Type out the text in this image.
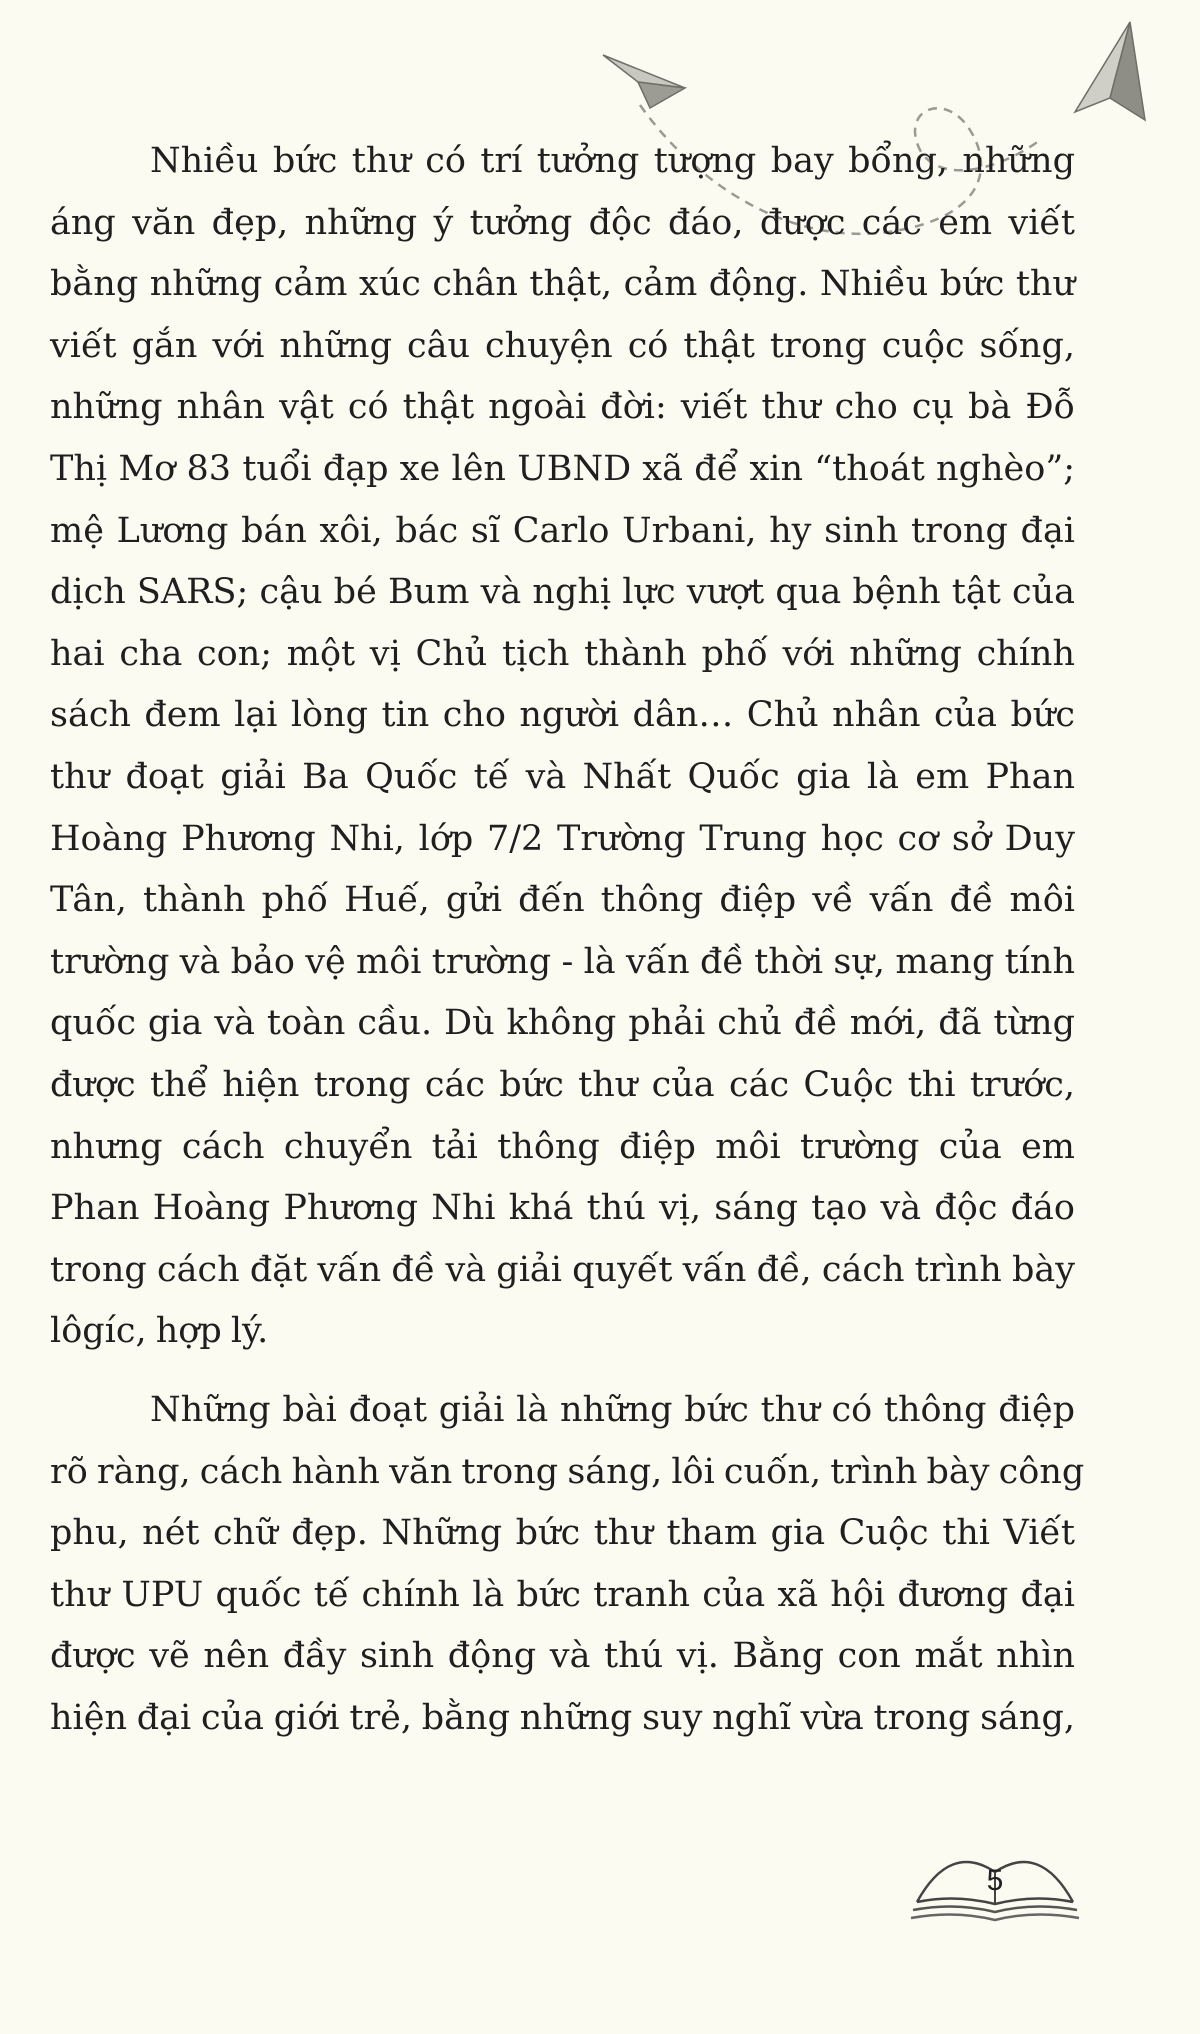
Nhiều bức thư có trí tưởng tượng bay bổng, những
áng văn đẹp, những ý tưởng độc đáo, được các em viết
bằng những cảm xúc chân thật, cảm động. Nhiều bức thư
viết gắn với những câu chuyện có thật trong cuộc sống,
những nhân vật có thật ngoài đời: viết thư cho cụ bà Đỗ
Thị Mơ 83 tuổi đạp xe lên UBND xã để xin “thoát nghèo”;
mệ Lương bán xôi, bác sĩ Carlo Urbani, hy sinh trong đại
dịch SARS; cậu bé Bum và nghị lực vượt qua bệnh tật của
hai cha con; một vị Chủ tịch thành phố với những chính
sách đem lại lòng tin cho người dân… Chủ nhân của bức
thư đoạt giải Ba Quốc tế và Nhất Quốc gia là em Phan
Hoàng Phương Nhi, lớp 7/2 Trường Trung học cơ sở Duy
Tân, thành phố Huế, gửi đến thông điệp về vấn đề môi
trường và bảo vệ môi trường - là vấn đề thời sự, mang tính
quốc gia và toàn cầu. Dù không phải chủ đề mới, đã từng
được thể hiện trong các bức thư của các Cuộc thi trước,
nhưng cách chuyển tải thông điệp môi trường của em
Phan Hoàng Phương Nhi khá thú vị, sáng tạo và độc đáo
trong cách đặt vấn đề và giải quyết vấn đề, cách trình bày
lôgíc, hợp lý.

Những bài đoạt giải là những bức thư có thông điệp
rõ ràng, cách hành văn trong sáng, lôi cuốn, trình bày công
phu, nét chữ đẹp. Những bức thư tham gia Cuộc thi Viết
thư UPU quốc tế chính là bức tranh của xã hội đương đại
được vẽ nên đầy sinh động và thú vị. Bằng con mắt nhìn
hiện đại của giới trẻ, bằng những suy nghĩ vừa trong sáng,

5
